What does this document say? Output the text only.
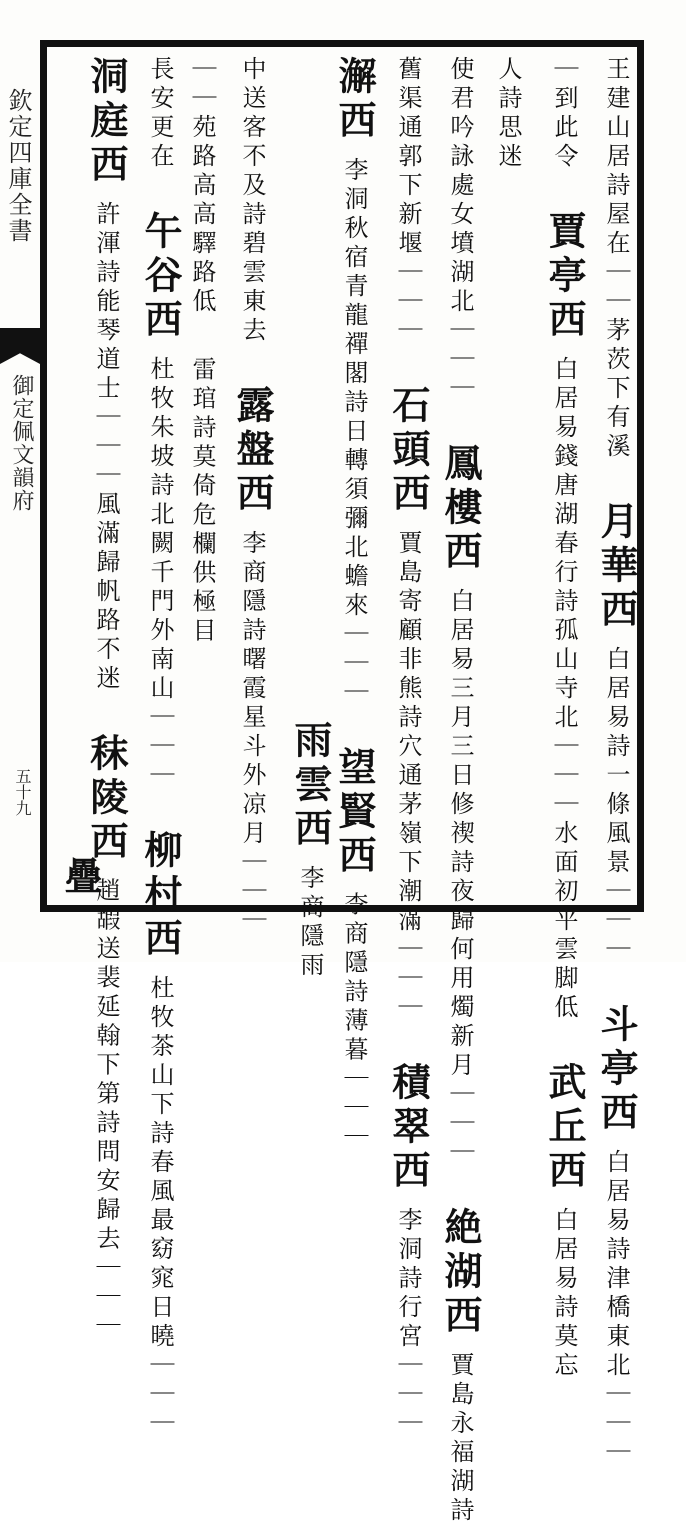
欽定四庫全書
御定佩文韻府
五十九
王建山居詩屋在｜｜茅茨下有溪  月華西 白居易詩一條風景｜｜｜  斗亭西 白居易詩津橋東北｜｜｜
｜到此令  賈亭西 白居易錢唐湖春行詩孤山寺北｜｜｜水面初平雲脚低  武丘西 白居易詩莫忘
人詩思迷
使君吟詠處女墳湖北｜｜｜  鳳樓西 白居易三月三日修禊詩夜歸何用燭新月｜｜｜  絶湖西 賈島永福湖詩
舊渠通郭下新堰｜｜｜  石頭西 賈島寄顧非熊詩穴通茅嶺下潮滿｜｜｜  積翠西 李洞詩行宮｜｜｜
澥西 李洞秋宿青龍禪閣詩日轉須彌北蟾來｜｜｜  望賢西 李商隱詩薄暮｜｜｜
雨雲西 李商隱雨
中送客不及詩碧雲東去  露盤西 李商隱詩曙霞星斗外凉月｜｜｜
｜｜苑路高高驛路低  雷琯詩莫倚危欄供極目
長安更在  午谷西 杜牧朱坡詩北闕千門外南山｜｜｜  柳村西 杜牧茶山下詩春風最窈窕日曉｜｜｜
洞庭西 許渾詩能琴道士｜｜｜風滿歸帆路不迷  秣陵西 趙嘏送裴延翰下第詩問安歸去｜｜｜
疊
